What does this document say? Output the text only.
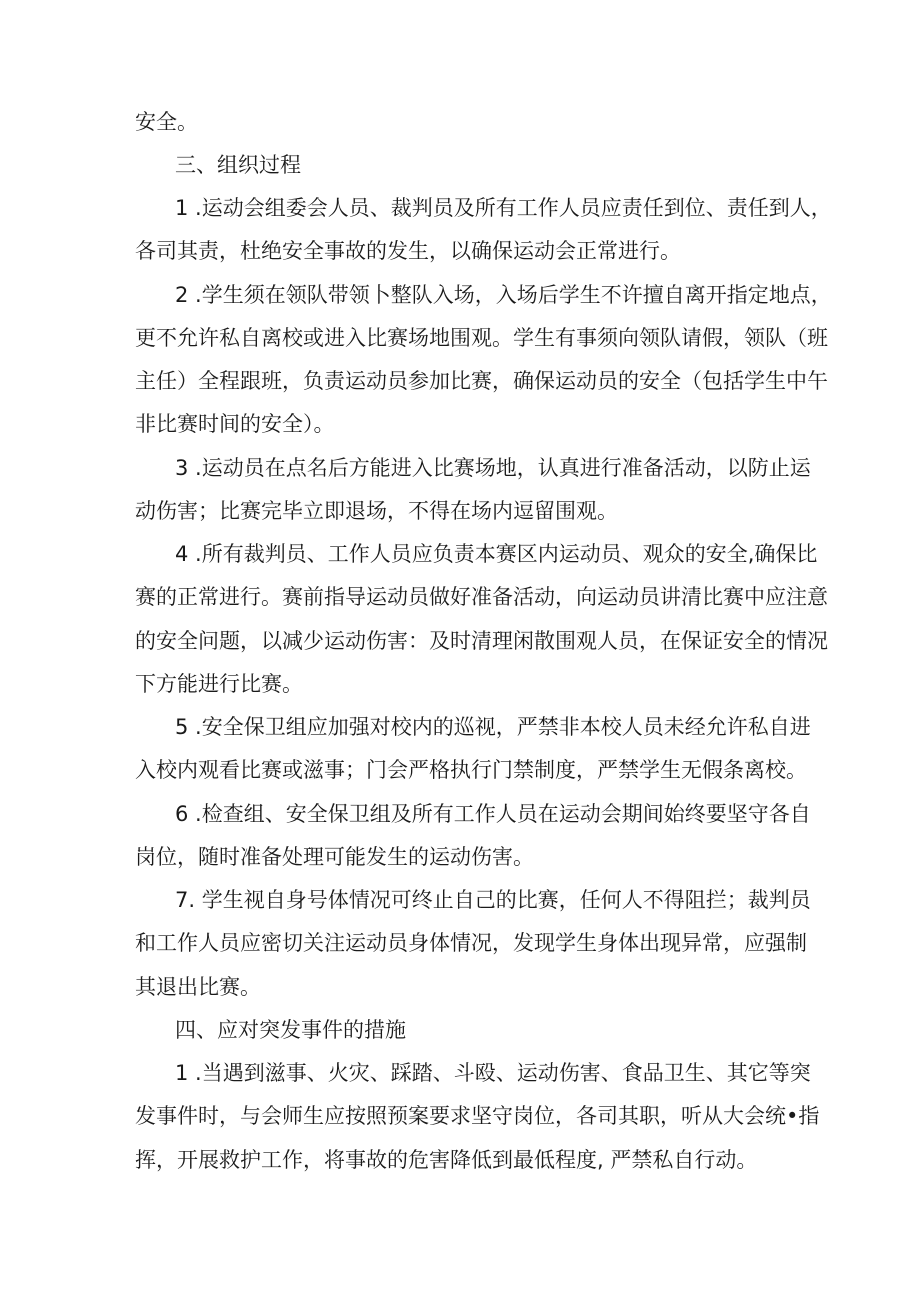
安全。
三、组织过程
1 .运动会组委会人员、裁判员及所有工作人员应责任到位、责任到人，
各司其责，杜绝安全事故的发生，以确保运动会正常进行。
2 .学生须在领队带领卜整队入场，入场后学生不许擅自离开指定地点，
更不允许私自离校或进入比赛场地围观。学生有事须向领队请假，领队（班
主任）全程跟班，负责运动员参加比赛，确保运动员的安全（包括学生中午
非比赛时间的安全）。
3 .运动员在点名后方能进入比赛场地，认真进行准备活动，以防止运
动伤害；比赛完毕立即退场，不得在场内逗留围观。
4 .所有裁判员、工作人员应负责本赛区内运动员、观众的安全,确保比
赛的正常进行。赛前指导运动员做好准备活动，向运动员讲清比赛中应注意
的安全问题，以减少运动伤害：及时清理闲散围观人员，在保证安全的情况
下方能进行比赛。
5 .安全保卫组应加强对校内的巡视，严禁非本校人员未经允许私自进
入校内观看比赛或滋事；门会严格执行门禁制度，严禁学生无假条离校。
6 .检查组、安全保卫组及所有工作人员在运动会期间始终要坚守各自
岗位，随时准备处理可能发生的运动伤害。
7. 学生视自身号体情况可终止自己的比赛，任何人不得阻拦；裁判员
和工作人员应密切关注运动员身体情况，发现学生身体出现异常，应强制
其退出比赛。
四、应对突发事件的措施
1 .当遇到滋事、火灾、踩踏、斗殴、运动伤害、食品卫生、其它等突
发事件时，与会师生应按照预案要求坚守岗位，各司其职，听从大会统•指
挥，开展救护工作，将事故的危害降低到最低程度, 严禁私自行动。
